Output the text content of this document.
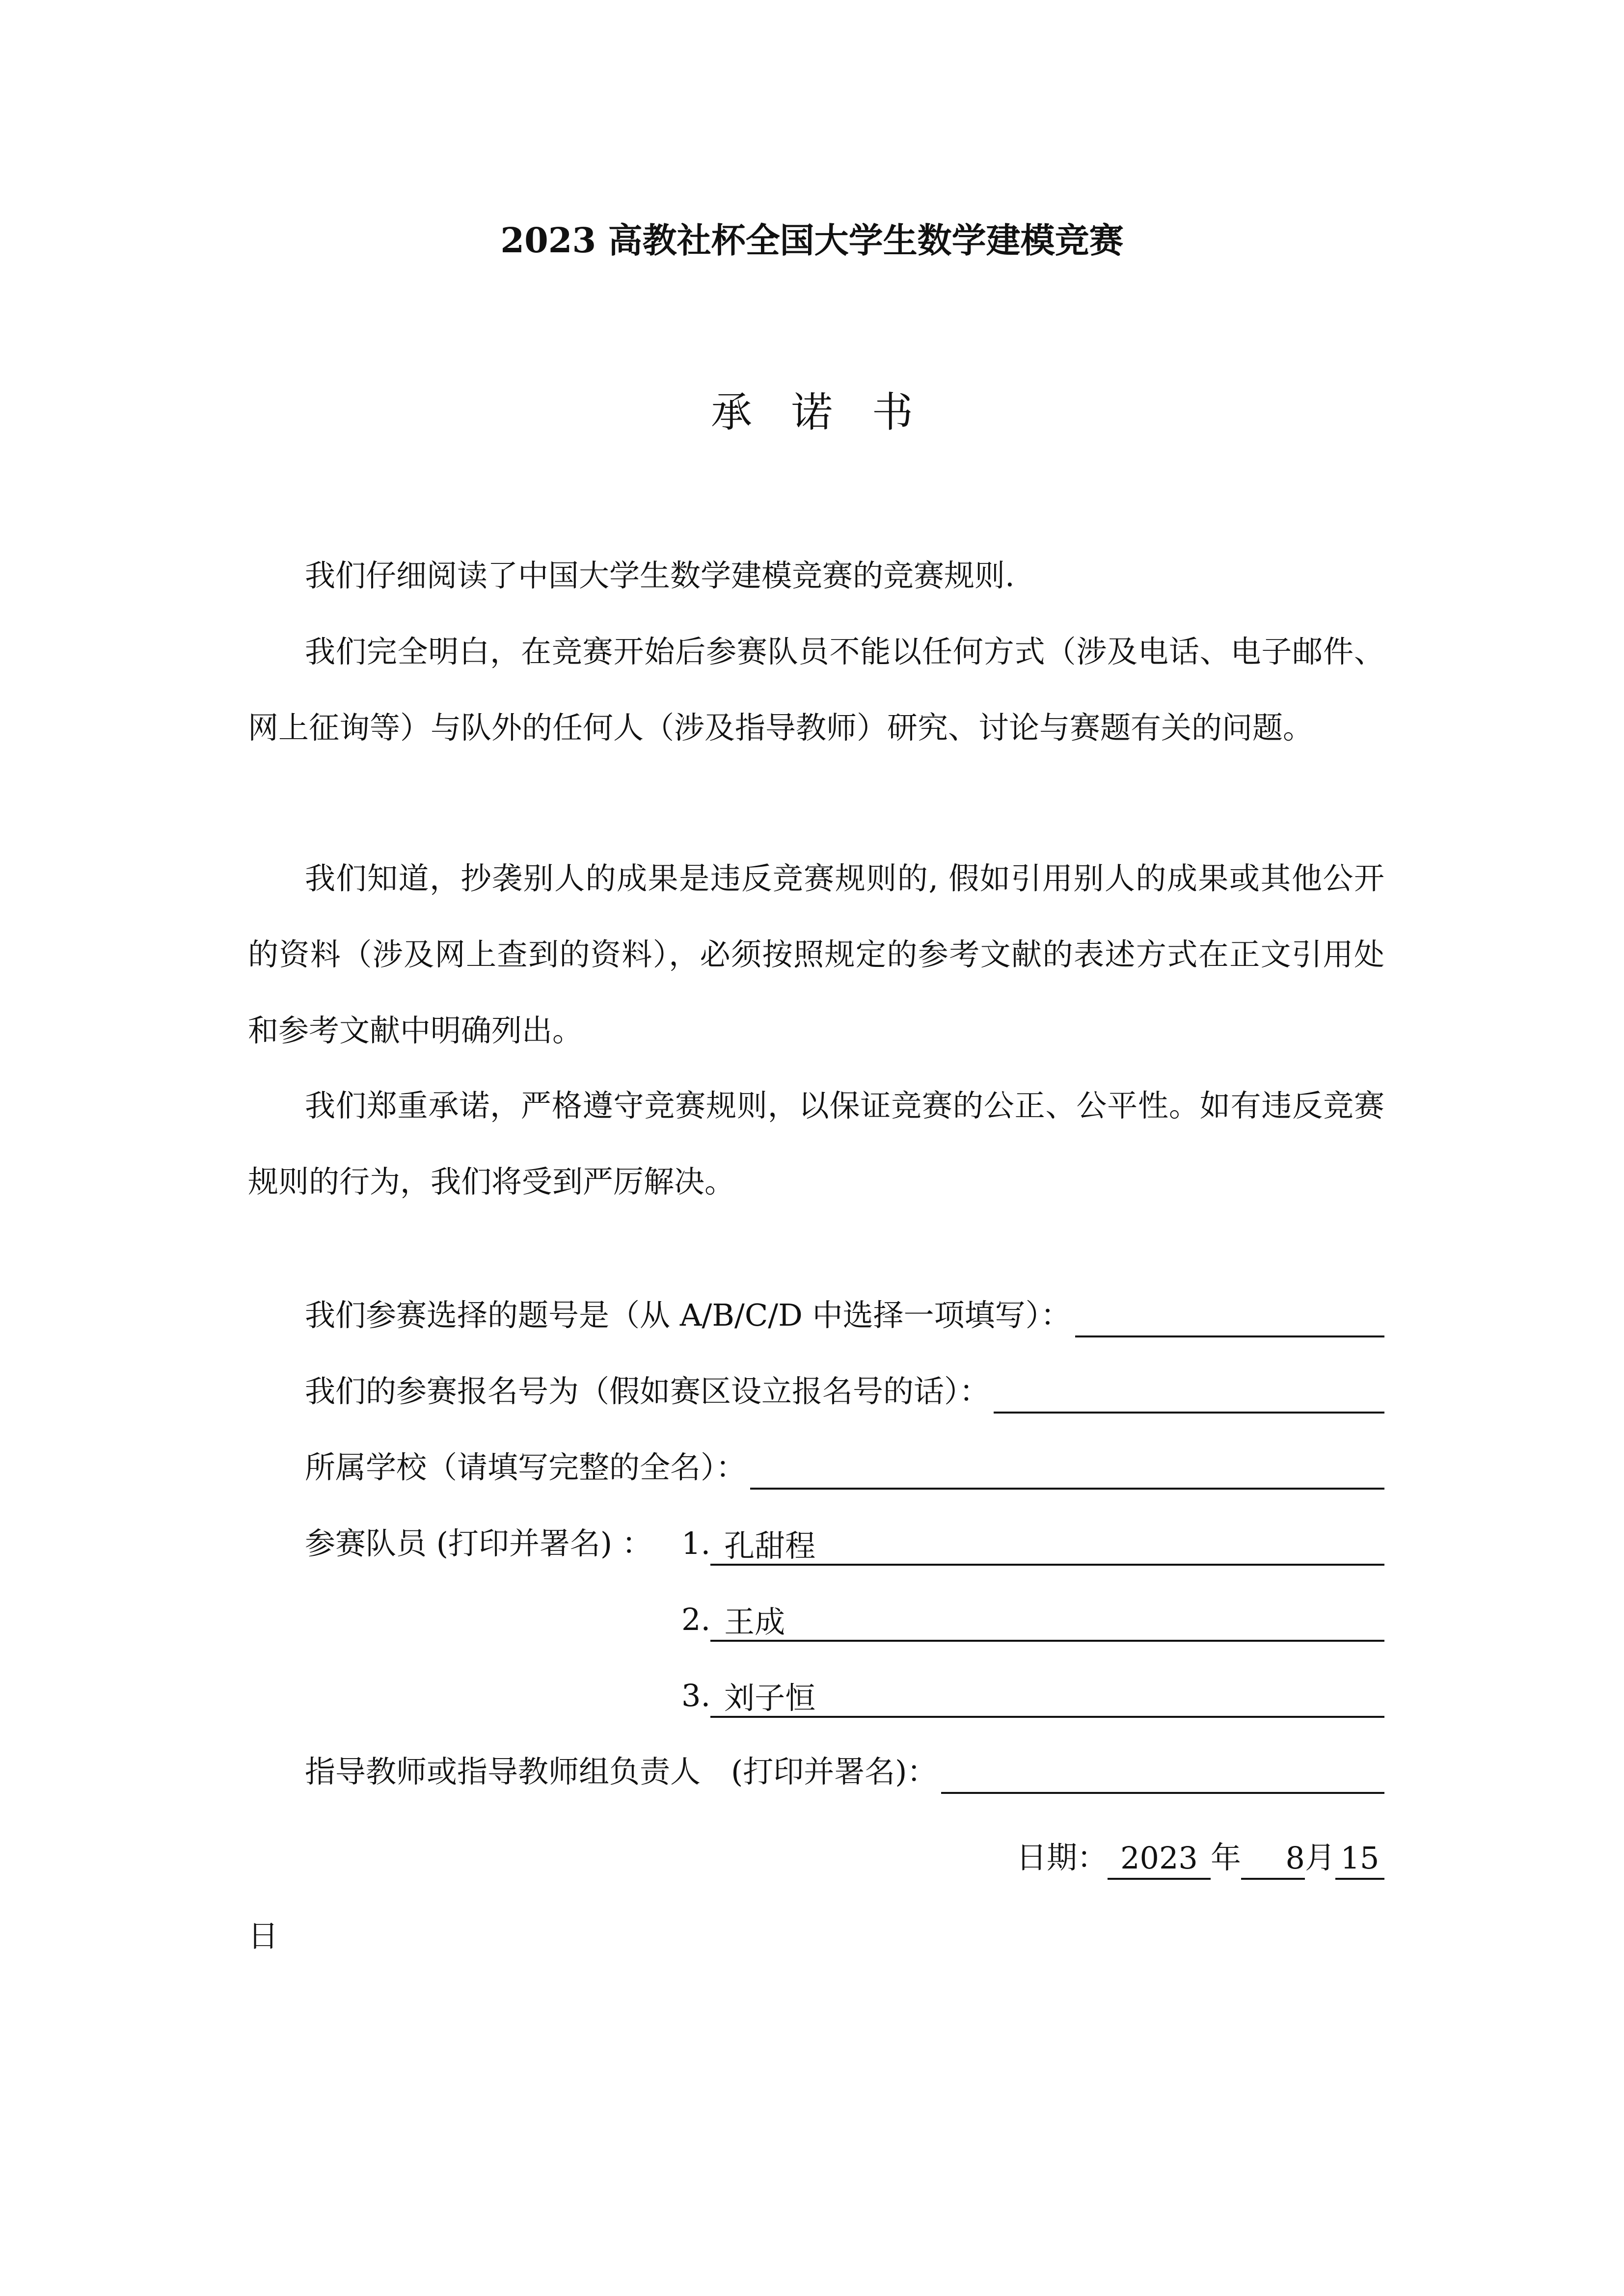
2023 高教社杯全国大学生数学建模竞赛
承诺书

我们仔细阅读了中国大学生数学建模竞赛的竞赛规则.

我们完全明白，在竞赛开始后参赛队员不能以任何方式（涉及电话、电子邮件、网上征询等）与队外的任何人（涉及指导教师）研究、讨论与赛题有关的问题。

我们知道，抄袭别人的成果是违反竞赛规则的, 假如引用别人的成果或其他公开的资料（涉及网上查到的资料），必须按照规定的参考文献的表述方式在正文引用处和参考文献中明确列出。

我们郑重承诺，严格遵守竞赛规则，以保证竞赛的公正、公平性。如有违反竞赛规则的行为，我们将受到严厉解决。

我们参赛选择的题号是（从 A/B/C/D 中选择一项填写）：
我们的参赛报名号为（假如赛区设立报名号的话）：
所属学校（请填写完整的全名）：
参赛队员 (打印并署名) ： 1. 孔甜程
2. 王成
3. 刘子恒
指导教师或指导教师组负责人　(打印并署名)：
日期： 2023 年	8 月 15
日
